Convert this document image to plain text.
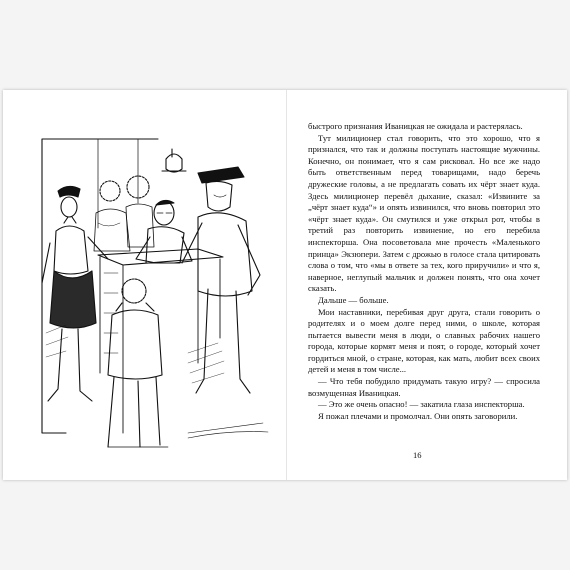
быстрого признания Иваницкая не ожидала и растерялась.

Тут милиционер стал говорить, что это хорошо, что я признался, что так и должны поступать настоящие мужчины. Конечно, он понимает, что я сам рисковал. Но все же надо быть ответственным перед товарищами, надо беречь дружеские головы, а не предлагать совать их чёрт знает куда. Здесь милиционер перевёл дыхание, сказал: «Извините за „чёрт знает куда“» и опять извинился, что вновь повторил это «чёрт знает куда». Он смутился и уже открыл рот, чтобы в третий раз повторить извинение, но его перебила инспекторша. Она посоветовала мне прочесть «Маленького принца» Экзюпери. Затем с дрожью в голосе стала цитировать слова о том, что «мы в ответе за тех, кого приручили» и что я, наверное, неглупый мальчик и должен понять, что она хочет сказать.

Дальше — больше.

Мои наставники, перебивая друг друга, стали говорить о родителях и о моем долге перед ними, о школе, которая пытается вывести меня в люди, о славных рабочих нашего города, которые кормят меня и поят, о городе, который хочет гордиться мной, о стране, которая, как мать, любит всех своих детей и меня в том числе...

— Что тебя побудило придумать такую игру? — спросила возмущенная Иваницкая.

— Это же очень опасно! — закатила глаза инспекторша.

Я пожал плечами и промолчал. Они опять заговорили.

16
